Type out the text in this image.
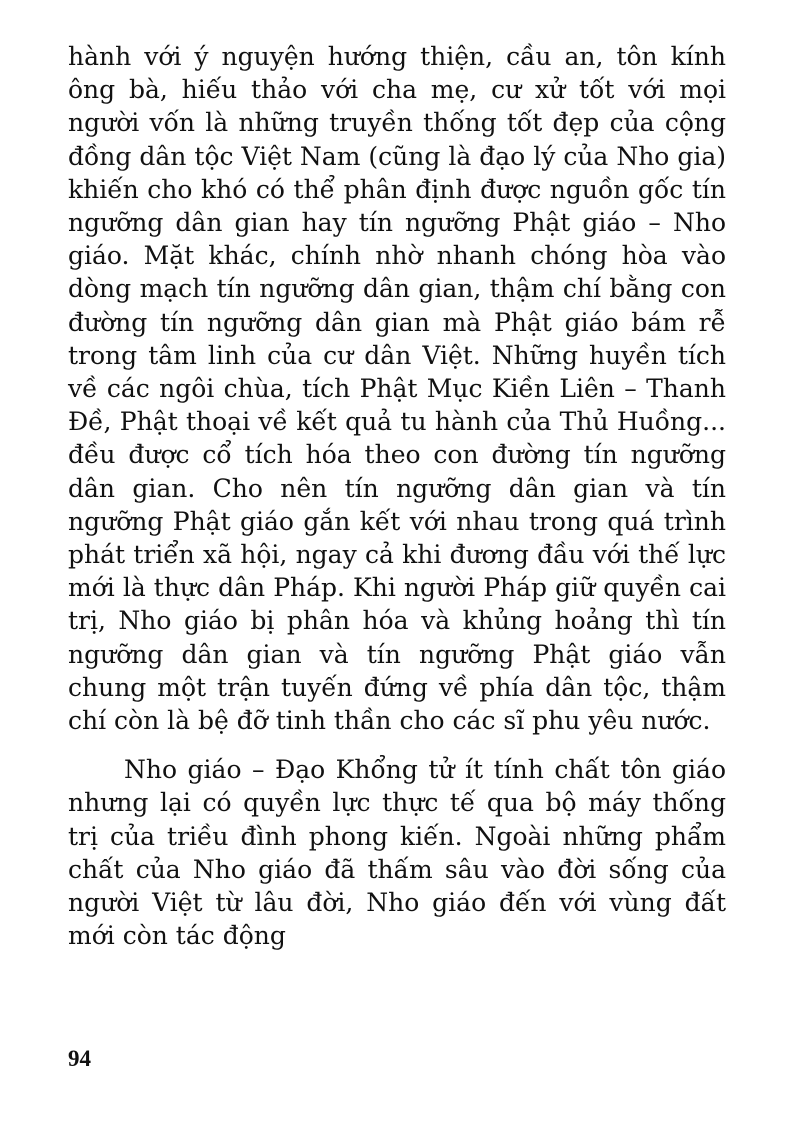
hành với ý nguyện hướng thiện, cầu an, tôn kính ông bà, hiếu thảo với cha mẹ, cư xử tốt với mọi người vốn là những truyền thống tốt đẹp của cộng đồng dân tộc Việt Nam (cũng là đạo lý của Nho gia) khiến cho khó có thể phân định được nguồn gốc tín ngưỡng dân gian hay tín ngưỡng Phật giáo – Nho giáo. Mặt khác, chính nhờ nhanh chóng hòa vào dòng mạch tín ngưỡng dân gian, thậm chí bằng con đường tín ngưỡng dân gian mà Phật giáo bám rễ trong tâm linh của cư dân Việt. Những huyền tích về các ngôi chùa, tích Phật Mục Kiền Liên – Thanh Đề, Phật thoại về kết quả tu hành của Thủ Huồng... đều được cổ tích hóa theo con đường tín ngưỡng dân gian. Cho nên tín ngưỡng dân gian và tín ngưỡng Phật giáo gắn kết với nhau trong quá trình phát triển xã hội, ngay cả khi đương đầu với thế lực mới là thực dân Pháp. Khi người Pháp giữ quyền cai trị, Nho giáo bị phân hóa và khủng hoảng thì tín ngưỡng dân gian và tín ngưỡng Phật giáo vẫn chung một trận tuyến đứng về phía dân tộc, thậm chí còn là bệ đỡ tinh thần cho các sĩ phu yêu nước.

Nho giáo – Đạo Khổng tử ít tính chất tôn giáo nhưng lại có quyền lực thực tế qua bộ máy thống trị của triều đình phong kiến. Ngoài những phẩm chất của Nho giáo đã thấm sâu vào đời sống của người Việt từ lâu đời, Nho giáo đến với vùng đất mới còn tác động

94
